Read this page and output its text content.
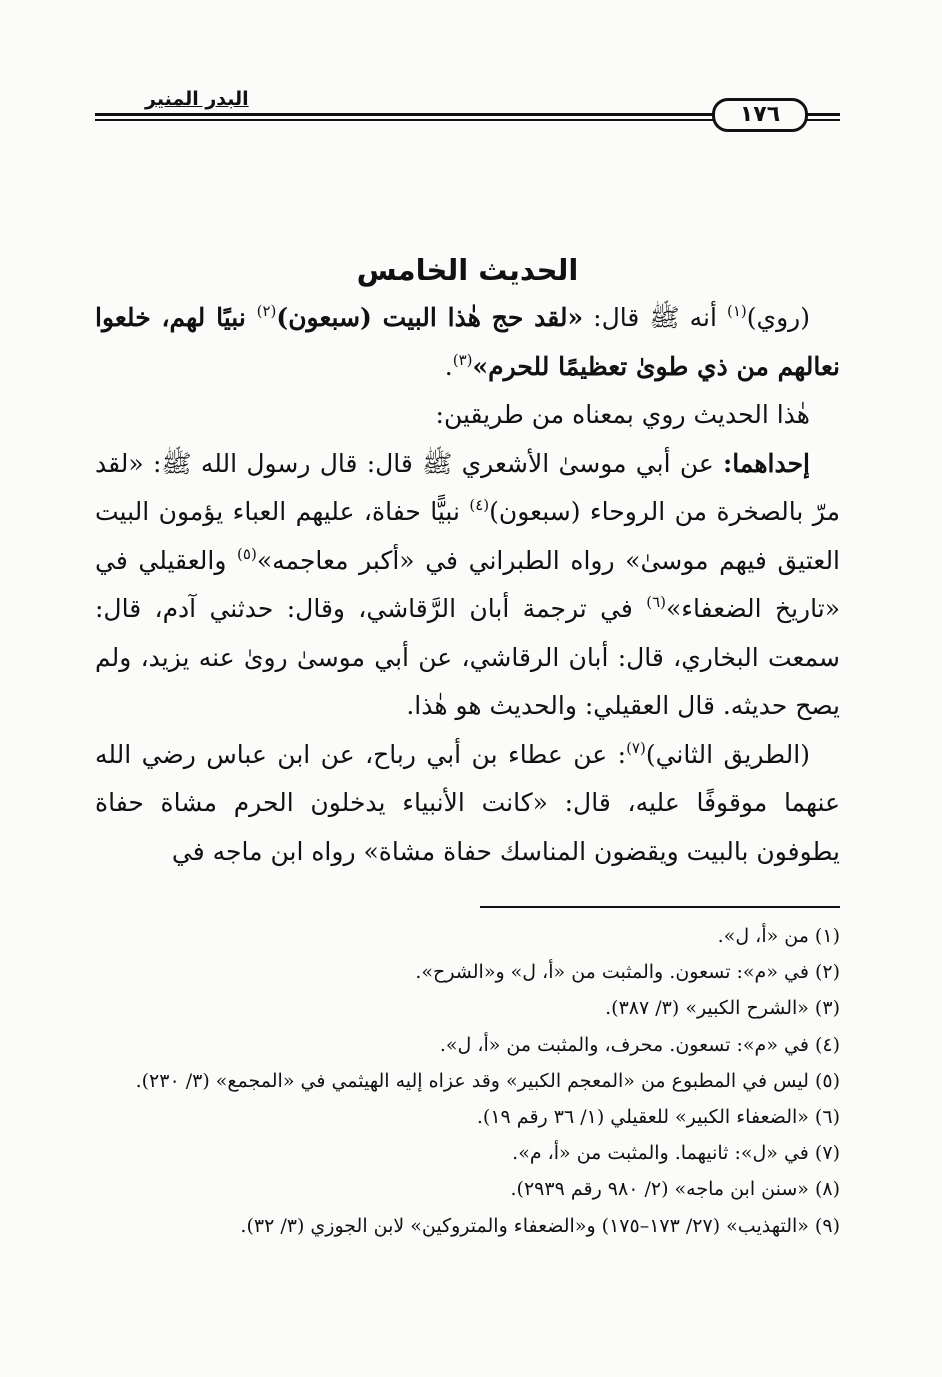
البدر المنير
١٧٦
الحديث الخامس

(روي)$^{(١)}$ أنه ﷺ قال: «لقد حج هٰذا البيت (سبعون)$^{(٢)}$ نبيًا لهم، خلعوا نعالهم من ذي طوىٰ تعظيمًا للحرم»$^{(٣)}$.

هٰذا الحديث روي بمعناه من طريقين:

إحداهما: عن أبي موسىٰ الأشعري ﷺ قال: قال رسول الله ﷺ: «لقد مرّ بالصخرة من الروحاء (سبعون)$^{(٤)}$ نبيًّا حفاة، عليهم العباء يؤمون البيت العتيق فيهم موسىٰ» رواه الطبراني في «أكبر معاجمه»$^{(٥)}$ والعقيلي في «تاريخ الضعفاء»$^{(٦)}$ في ترجمة أبان الرَّقاشي، وقال: حدثني آدم، قال: سمعت البخاري، قال: أبان الرقاشي، عن أبي موسىٰ روىٰ عنه يزيد، ولم يصح حديثه. قال العقيلي: والحديث هو هٰذا.

(الطريق الثاني)$^{(٧)}$: عن عطاء بن أبي رباح، عن ابن عباس رضي الله عنهما موقوفًا عليه، قال: «كانت الأنبياء يدخلون الحرم مشاة حفاة يطوفون بالبيت ويقضون المناسك حفاة مشاة» رواه ابن ماجه في

(١) من «أ، ل».

(٢) في «م»: تسعون. والمثبت من «أ، ل» و«الشرح».

(٣) «الشرح الكبير» (٣/ ٣٨٧).

(٤) في «م»: تسعون. محرف، والمثبت من «أ، ل».

(٥) ليس في المطبوع من «المعجم الكبير» وقد عزاه إليه الهيثمي في «المجمع» (٣/ ٢٣٠).

(٦) «الضعفاء الكبير» للعقيلي (١/ ٣٦ رقم ١٩).

(٧) في «ل»: ثانيهما. والمثبت من «أ، م».

(٨) «سنن ابن ماجه» (٢/ ٩٨٠ رقم ٢٩٣٩).

(٩) «التهذيب» (٢٧/ ١٧٣–١٧٥) و«الضعفاء والمتروكين» لابن الجوزي (٣/ ٣٢).
